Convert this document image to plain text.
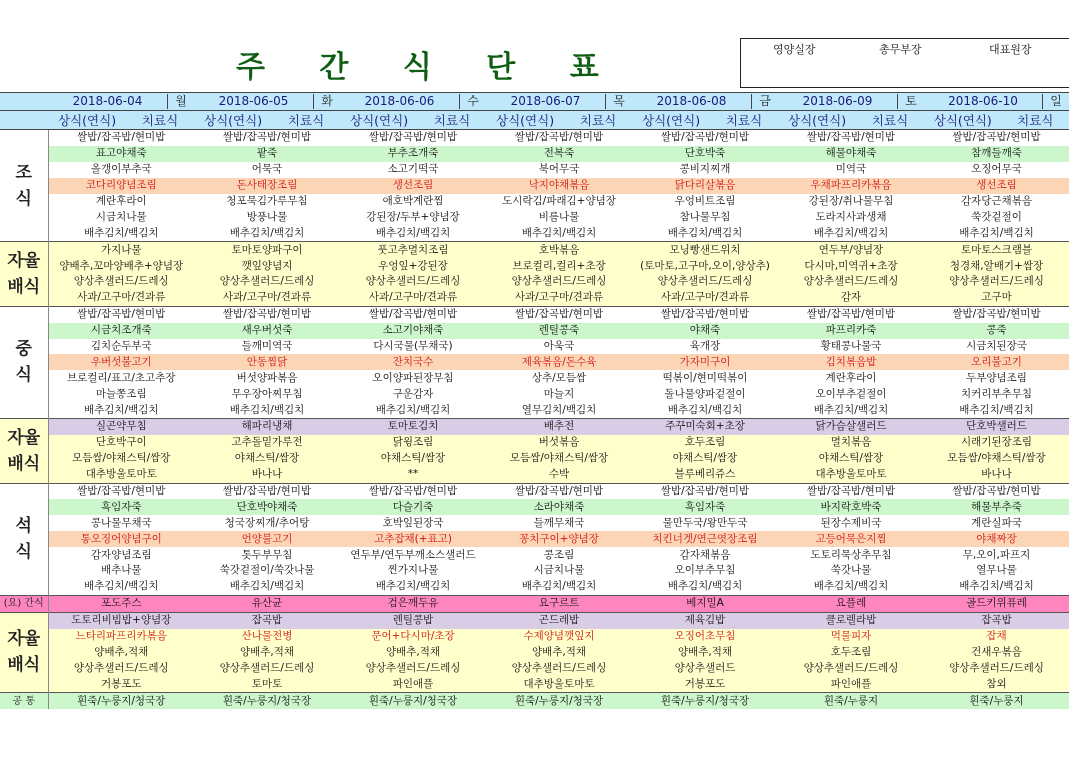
주 간 식 단 표
영양실장	총무부장	대표원장

	2018-06-04 월	2018-06-05 화	2018-06-06 수	2018-06-07 목	2018-06-08 금	2018-06-09 토	2018-06-10 일

	상식(연식) 치료식	상식(연식) 치료식	상식(연식) 치료식	상식(연식) 치료식	상식(연식) 치료식	상식(연식) 치료식	상식(연식) 치료식

조
식	쌀밥/잡곡밥/현미밥	쌀밥/잡곡밥/현미밥	쌀밥/잡곡밥/현미밥	쌀밥/잡곡밥/현미밥	쌀밥/잡곡밥/현미밥	쌀밥/잡곡밥/현미밥	쌀밥/잡곡밥/현미밥
	표고야채죽	팥죽	부추조개죽	전복죽	단호박죽	해물야채죽	참깨들깨죽
	올갱이부추국	어묵국	소고기떡국	북어무국	콩비지찌개	미역국	오징어무국
	코다리양념조림	돈사태장조림	생선조림	낙지야채볶음	닭다리살볶음	우채파프리카볶음	생선조림
	계란후라이	청포묵김가루무침	애호박계란찜	도시락김/파래김+양념장	우엉비트조림	강된장/취나물무침	감자당근채볶음
	시금치나물	방풍나물	강된장/두부+양념장	비름나물	참나물무침	도라지사과생채	쑥갓겉절이
	배추김치/백김치	배추김치/백김치	배추김치/백김치	배추김치/백김치	배추김치/백김치	배추김치/백김치	배추김치/백김치
자율
배식	가지나물	토마토양파구이	풋고추멸치조림	호박볶음	모닝빵샌드위치	연두부/양념장	토마토스크램블
	양배추,꼬마양배추+양념장	깻잎양념지	우엉잎+강된장	브로컬리,컬리+초장	(토마토,고구마,오이,양상추)	다시마,미역귀+초장	청경채,알배기+쌈장
	양상추샐러드/드레싱	양상추샐러드/드레싱	양상추샐러드/드레싱	양상추샐러드/드레싱	양상추샐러드/드레싱	양상추샐러드/드레싱	양상추샐러드/드레싱
	사과/고구마/견과류	사과/고구마/견과류	사과/고구마/견과류	사과/고구마/견과류	사과/고구마/견과류	감자	고구마
중
식	쌀밥/잡곡밥/현미밥	쌀밥/잡곡밥/현미밥	쌀밥/잡곡밥/현미밥	쌀밥/잡곡밥/현미밥	쌀밥/잡곡밥/현미밥	쌀밥/잡곡밥/현미밥	쌀밥/잡곡밥/현미밥
	시금치조개죽	새우버섯죽	소고기야채죽	렌틸콩죽	야채죽	파프리카죽	콩죽
	김치순두부국	들깨미역국	다시국물(무채국)	아욱국	육개장	황태콩나물국	시금치된장국
	우버섯불고기	안동찜닭	잔치국수	제육볶음/돈수육	가자미구이	김치볶음밥	오리불고기
	브로컬리/표고/초고추장	버섯양파볶음	오이양파된장무침	상추/모듬쌈	떡볶이/현미떡볶이	계란후라이	두부양념조림
	마늘쫑조림	무우장아찌무침	구운감자	마늘지	돌나물양파겉절이	오이부추겉절이	치커리부추무침
	배추김치/백김치	배추김치/백김치	배추김치/백김치	열무김치/백김치	배추김치/백김치	배추김치/백김치	배추김치/백김치
자율
배식	실곤약무침	해파리냉채	토마토김치	배추전	주꾸미숙회+초장	닭가슴살샐러드	단호박샐러드
	단호박구이	고추돌밑가루전	닭윙조림	버섯볶음	호두조림	멸치볶음	시래기된장조림
	모듬쌈/야채스틱/쌈장	야채스틱/쌈장	야채스틱/쌈장	모듬쌈/야채스틱/쌈장	야채스틱/쌈장	야채스틱/쌈장	모듬쌈/야채스틱/쌈장
	대추방울토마토	바나나	**	수박	블루베리쥬스	대추방울토마토	바나나
석
식	쌀밥/잡곡밥/현미밥	쌀밥/잡곡밥/현미밥	쌀밥/잡곡밥/현미밥	쌀밥/잡곡밥/현미밥	쌀밥/잡곡밥/현미밥	쌀밥/잡곡밥/현미밥	쌀밥/잡곡밥/현미밥
	흑임자죽	단호박야채죽	다슬기죽	소라야채죽	흑임자죽	바지락호박죽	해물부추죽
	콩나물무채국	청국장찌개/추어탕	호박잎된장국	들깨무채국	물만두국/왕만두국	된장수제비국	계란실파국
	통오징어양념구이	언양불고기	고추잡채(+표고)	꽁치구이+양념장	치킨너겟/연근엿장조림	고등어묵은지찜	야채짜장
	감자양념조림	톳두부무침	연두부/연두부깨소스샐러드	콩조림	감자채볶음	도토리묵상추무침	무,오이,파프지
	배추나물	쑥갓겉절이/쑥갓나물	찐가지나물	시금치나물	오이부추무침	쑥갓나물	열무나물
	배추김치/백김치	배추김치/백김치	배추김치/백김치	배추김치/백김치	배추김치/백김치	배추김치/백김치	배추김치/백김치
(요) 간식	포도주스	유산균	검은깨두유	요구르트	베지밀A	요플레	골드키위퓨레
자율
배식	도토리비빔밥+양념장	잡곡밥	렌틸콩밥	곤드레밥	제육김밥	클로렐라밥	잡곡밥
	느타리파프리카볶음	산나물전병	문어+다시마/초장	수제양념깻잎지	오징어초무침	먹물피자	잡채
	양배추,적채	양배추,적채	양배추,적채	양배추,적채	양배추,적채	호두조림	건새우볶음
	양상추샐러드/드레싱	양상추샐러드/드레싱	양상추샐러드/드레싱	양상추샐러드/드레싱	양상추샐러드	양상추샐러드/드레싱	양상추샐러드/드레싱
	거봉포도	토마토	파인애플	대추방울토마토	거봉포도	파인애플	참외
공 통	흰죽/누룽지/청국장	흰죽/누룽지/청국장	흰죽/누룽지/청국장	흰죽/누룽지/청국장	흰죽/누룽지/청국장	흰죽/누룽지	흰죽/누룽지
